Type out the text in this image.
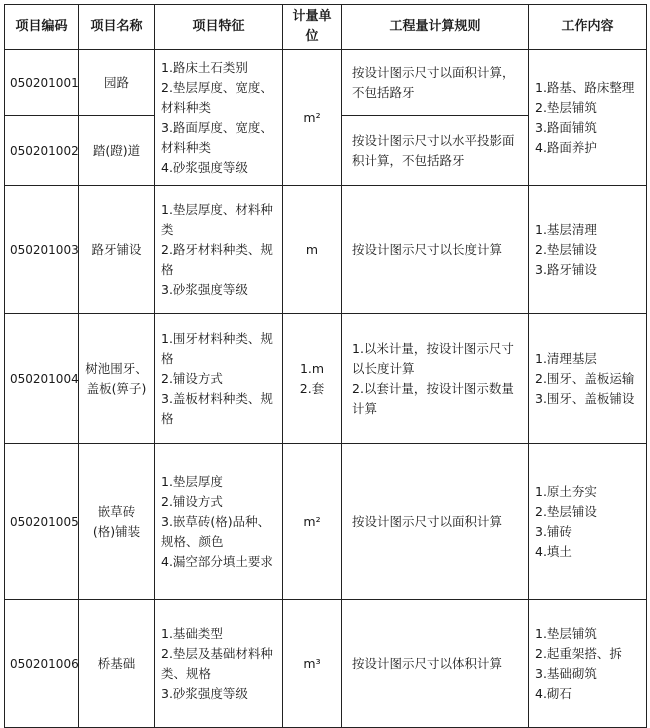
项目编码	项目名称	项目特征	计量单位	工程量计算规则	工作内容
050201001	园路	1.路床土石类别
2.垫层厚度、宽度、材料种类
3.路面厚度、宽度、材料种类
4.砂浆强度等级	m²	按设计图示尺寸以面积计算，不包括路牙	1.路基、路床整理
2.垫层铺筑
3.路面铺筑
4.路面养护

050201002	踏(蹬)道			按设计图示尺寸以水平投影面积计算，不包括路牙	

050201003	路牙铺设	1.垫层厚度、材料种类
2.路牙材料种类、规格
3.砂浆强度等级	m	按设计图示尺寸以长度计算	1.基层清理
2.垫层铺设
3.路牙铺设

050201004	树池围牙、
盖板(箅子)	1.围牙材料种类、规格
2.铺设方式
3.盖板材料种类、规格	1.m
2.套	1.以米计量，按设计图示尺寸以长度计算
2.以套计量，按设计图示数量计算	1.清理基层
2.围牙、盖板运输
3.围牙、盖板铺设

050201005	嵌草砖
(格)铺装	1.垫层厚度
2.铺设方式
3.嵌草砖(格)品种、规格、颜色
4.漏空部分填土要求	m²	按设计图示尺寸以面积计算	1.原土夯实
2.垫层铺设
3.铺砖
4.填土

050201006	桥基础	1.基础类型
2.垫层及基础材料种类、规格
3.砂浆强度等级	m³	按设计图示尺寸以体积计算	1.垫层铺筑
2.起重架搭、拆
3.基础砌筑
4.砌石
